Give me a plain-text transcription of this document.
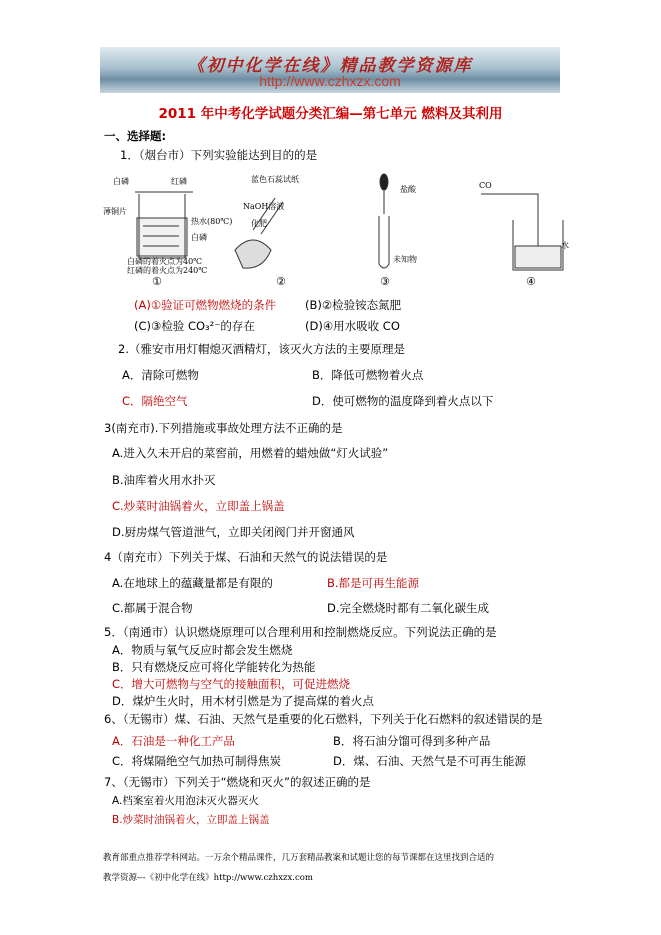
《初中化学在线》精品教学资源库
http://www.czhxzx.com
2011 年中考化学试题分类汇编—第七单元 燃料及其利用
一、选择题:
1．（烟台市）下列实验能达到目的的是
白磷	红磷
薄铜片
热水(80℃)
白磷
白磷的着火点为40℃
红磷的着火点为240℃
蓝色石蕊试纸
NaOH溶液
化肥
盐酸
未知物
CO
水
①	②	③	④
(A)①验证可燃物燃烧的条件	(B)②检验铵态氮肥
(C)③检验 CO₃²⁻的存在	(D)④用水吸收 CO
2.（雅安市用灯帽熄灭酒精灯，该灭火方法的主要原理是
A．清除可燃物	B．降低可燃物着火点
C．隔绝空气	D．使可燃物的温度降到着火点以下
3(南充市).下列措施或事故处理方法不正确的是
A.进入久未开启的菜窖前，用燃着的蜡烛做“灯火试验”
B.油库着火用水扑灭
C.炒菜时油锅着火，立即盖上锅盖
D.厨房煤气管道泄气，立即关闭阀门并开窗通风
4（南充市）下列关于煤、石油和天然气的说法错误的是
A.在地球上的蕴藏量都是有限的	B.都是可再生能源
C.都属于混合物	D.完全燃烧时都有二氧化碳生成
5．（南通市）认识燃烧原理可以合理利用和控制燃烧反应。下列说法正确的是
A．物质与氧气反应时都会发生燃烧
B．只有燃烧反应可将化学能转化为热能
C．增大可燃物与空气的接触面积，可促进燃烧
D．煤炉生火时，用木材引燃是为了提高煤的着火点
6、（无锡市）煤、石油、天然气是重要的化石燃料，下列关于化石燃料的叙述错误的是
A．石油是一种化工产品	B．将石油分馏可得到多种产品
C．将煤隔绝空气加热可制得焦炭	D．煤、石油、天然气是不可再生能源
7、（无锡市）下列关于“燃烧和灭火”的叙述正确的是
A.档案室着火用泡沫灭火器灭火
B.炒菜时油锅着火，立即盖上锅盖
教育部重点推荐学科网站。一万余个精品课件，几万套精品教案和试题让您的每节课都在这里找到合适的
教学资源---《初中化学在线》http://www.czhxzx.com
